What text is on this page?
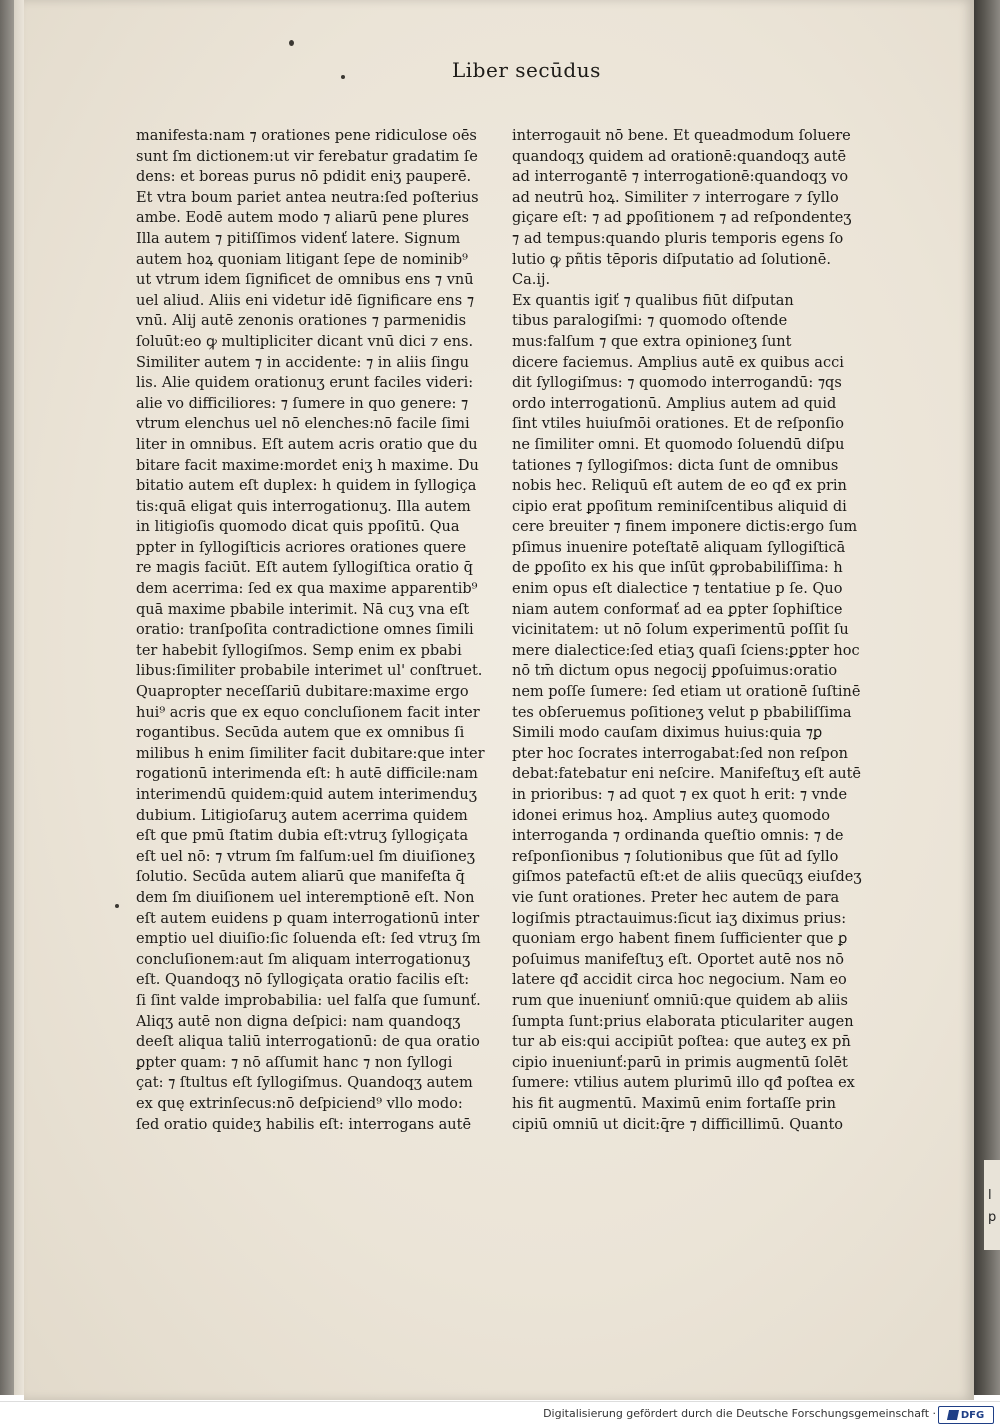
l
p
Liber secūdus
manifesta:nam ⁊ orationes pene ridiculose oēs
sunt ſm dictionem:ut vir ferebatur gradatim ſe
dens: et boreas purus nō pdidit eniʒ pauperē.
Et vtra boum pariet antea neutra:ſed poſterius
ambe. Eodē autem modo ⁊ aliarū pene plures
Illa autem ⁊ pitiſſimos videnť latere. Signum
autem hoꝝ quoniam litigant ſepe de nominib⁹
ut vtrum idem ſignificet de omnibus ens ⁊ vnū
uel aliud. Aliis eni videtur idē ſignificare ens ⁊
vnū. Alij autē zenonis orationes ⁊ parmenidis
ſoluūt:eo ꝙ multipliciter dicant vnū dici ⁊ ens.
Similiter autem ⁊ in accidente: ⁊ in aliis ſingu
lis. Alie quidem orationuʒ erunt faciles videri:
alie vo difficiliores: ⁊ ſumere in quo genere: ⁊
vtrum elenchus uel nō elenches:nō facile ſimi
liter in omnibus. Eſt autem acris oratio que du
bitare facit maxime:mordet eniʒ h maxime. Du
bitatio autem eſt duplex: h quidem in ſyllogiça
tis:quā eligat quis interrogationuʒ. Illa autem
in litigioſis quomodo dicat quis ppoſitū. Qua
ppter in ſyllogiſticis acriores orationes quere
re magis faciūt. Eſt autem ſyllogiſtica oratio q̄
dem acerrima: ſed ex qua maxime apparentib⁹
quā maxime pbabile interimit. Nā cuʒ vna eſt
oratio: tranſpoſita contradictione omnes ſimili
ter habebit ſyllogiſmos. Semp enim ex pbabi
libus:ſimiliter probabile interimet ul' conſtruet.
Quapropter neceſſariū dubitare:maxime ergo
hui⁹ acris que ex equo concluſionem facit inter
rogantibus. Secūda autem que ex omnibus ſi
milibus h enim ſimiliter facit dubitare:que inter
rogationū interimenda eſt: h autē difficile:nam
interimendū quidem:quid autem interimenduʒ
dubium. Litigioſaruʒ autem acerrima quidem
eſt que pmū ſtatim dubia eſt:vtruʒ ſyllogiçata
eſt uel nō: ⁊ vtrum ſm falſum:uel ſm diuiſioneʒ
ſolutio. Secūda autem aliarū que manifeſta q̄
dem ſm diuiſionem uel interemptionē eſt. Non
eſt autem euidens p quam interrogationū inter
emptio uel diuiſio:ſic ſoluenda eſt: ſed vtruʒ ſm
concluſionem:aut ſm aliquam interrogationuʒ
eſt. Quandoqʒ nō ſyllogiçata oratio facilis eſt:
ſi ſint valde improbabilia: uel falſa que ſumunť.
Aliqʒ autē non digna deſpici: nam quandoqʒ
deeſt aliqua taliū interrogationū: de qua oratio
ꝑpter quam: ⁊ nō aſſumit hanc ⁊ non ſyllogi
çat: ⁊ ſtultus eſt ſyllogiſmus. Quandoqʒ autem
ex quę extrinſecus:nō deſpiciend⁹ vllo modo:
ſed oratio quideʒ habilis eſt: interrogans autē
interrogauit nō bene. Et queadmodum ſoluere
quandoqʒ quidem ad orationē:quandoqʒ autē
ad interrogantē ⁊ interrogationē:quandoqʒ vo
ad neutrū hoꝝ. Similiter ⁊ interrogare ⁊ ſyllo
giçare eſt: ⁊ ad ꝑpoſitionem ⁊ ad reſpondenteʒ
⁊ ad tempus:quando pluris temporis egens ſo
lutio ꝙ pñtis tēporis diſputatio ad ſolutionē.
Ca.ij.
Ex quantis igiť ⁊ qualibus fiūt diſputan
tibus paralogiſmi: ⁊ quomodo oſtende
mus:falſum ⁊ que extra opinioneʒ ſunt
dicere faciemus. Amplius autē ex quibus acci
dit ſyllogiſmus: ⁊ quomodo interrogandū: ⁊qs
ordo interrogationū. Amplius autem ad quid
ſint vtiles huiuſmōi orationes. Et de reſponſio
ne ſimiliter omni. Et quomodo ſoluendū diſpu
tationes ⁊ ſyllogiſmos: dicta ſunt de omnibus
nobis hec. Reliquū eſt autem de eo qđ ex prin
cipio erat ꝑpoſitum reminiſcentibus aliquid di
cere breuiter ⁊ finem imponere dictis:ergo ſum
pſimus inuenire poteſtatē aliquam ſyllogiſticā
de ꝑpoſito ex his que inſūt ꝙprobabiliſſima: h
enim opus eſt dialectice ⁊ tentatiue p ſe. Quo
niam autem conformať ad ea ꝑpter ſophiſtice
vicinitatem: ut nō ſolum experimentū poſſit ſu
mere dialectice:ſed etiaʒ quaſi ſciens:ꝑpter hoc
nō tm̄ dictum opus negocij ꝑpoſuimus:oratio
nem poſſe ſumere: ſed etiam ut orationē ſuſtinē
tes obſeruemus poſitioneʒ velut p pbabiliſſima
Simili modo cauſam diximus huius:quia ⁊ꝑ
pter hoc ſocrates interrogabat:ſed non reſpon
debat:fatebatur eni neſcire. Manifeſtuʒ eſt autē
in prioribus: ⁊ ad quot ⁊ ex quot h erit: ⁊ vnde
idonei erimus hoꝝ. Amplius auteʒ quomodo
interroganda ⁊ ordinanda queſtio omnis: ⁊ de
reſponſionibus ⁊ ſolutionibus que ſūt ad ſyllo
giſmos patefactū eſt:et de aliis quecūqʒ eiuſdeʒ
vie ſunt orationes. Preter hec autem de para
logiſmis ptractauimus:ſicut iaʒ diximus prius:
quoniam ergo habent finem ſufficienter que ꝑ
poſuimus manifeſtuʒ eſt. Oportet autē nos nō
latere qđ accidit circa hoc negocium. Nam eo
rum que inueniunť omniū:que quidem ab aliis
ſumpta ſunt:prius elaborata pticulariter augen
tur ab eis:qui accipiūt poſtea: que auteʒ ex pn̄
cipio inueniunť:parū in primis augmentū ſolēt
ſumere: vtilius autem plurimū illo qđ poſtea ex
his fit augmentū. Maximū enim fortaſſe prin
cipiū omniū ut dicit:q̄re ⁊ difficillimū. Quanto
Digitalisierung gefördert durch die Deutsche Forschungsgemeinschaft · DFG
